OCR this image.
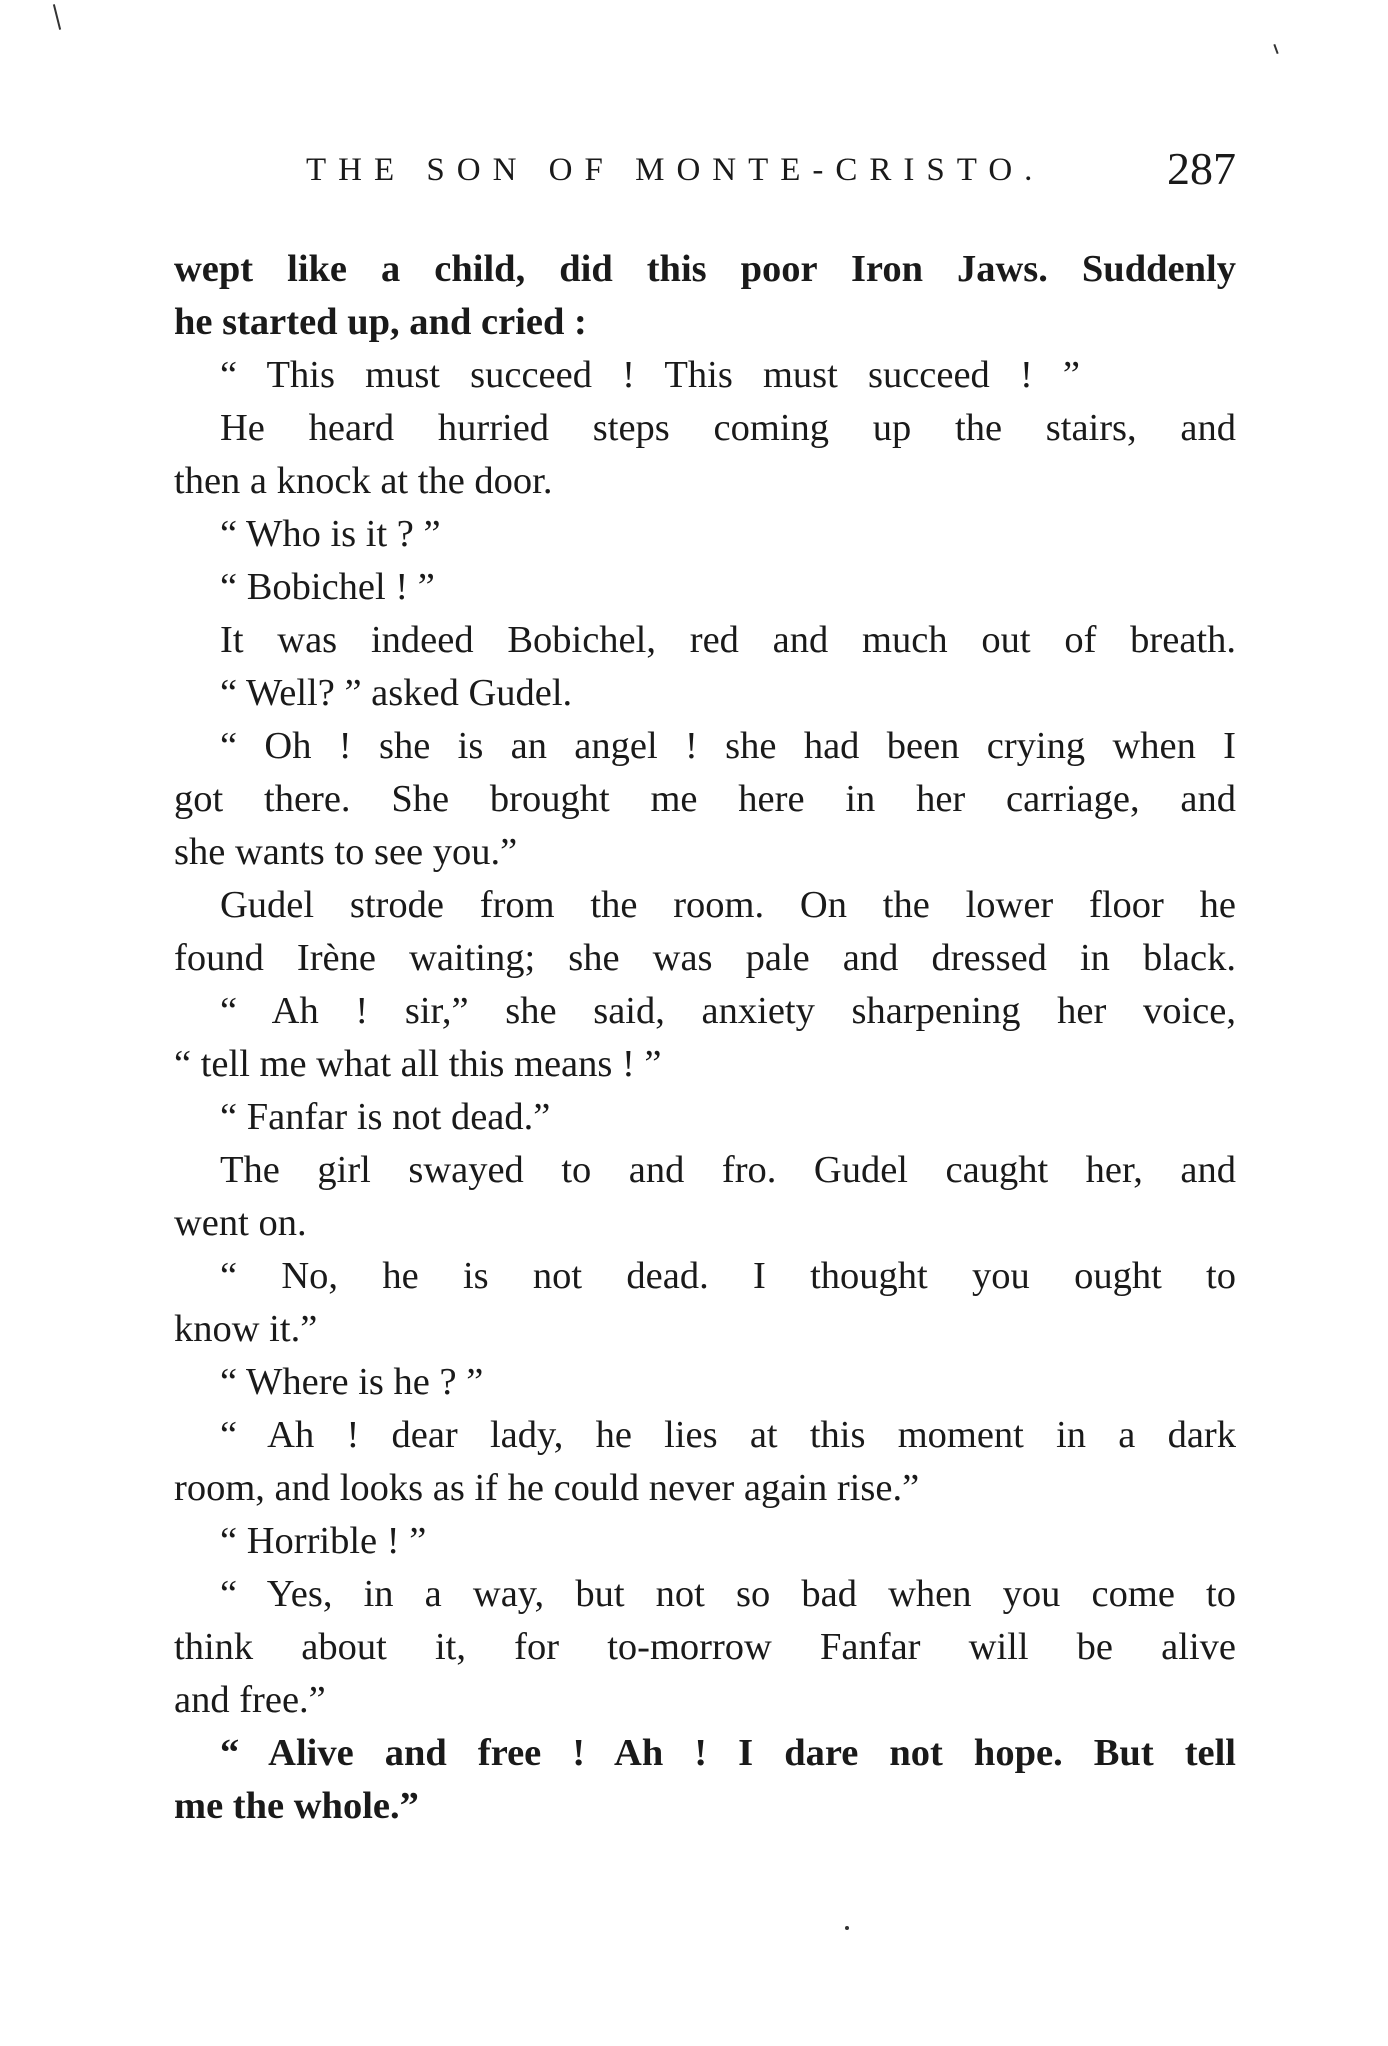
THE SON OF MONTE-CRISTO.	287
wept like a child, did this poor Iron Jaws. Suddenly
he started up, and cried :
“ This must succeed ! This must succeed ! ”
He heard hurried steps coming up the stairs, and
then a knock at the door.
“ Who is it ? ”
“ Bobichel ! ”
It was indeed Bobichel, red and much out of breath.
“ Well? ” asked Gudel.
“ Oh ! she is an angel ! she had been crying when I
got there. She brought me here in her carriage, and
she wants to see you.”
Gudel strode from the room. On the lower floor he
found Irène waiting; she was pale and dressed in black.
“ Ah ! sir,” she said, anxiety sharpening her voice,
“ tell me what all this means ! ”
“ Fanfar is not dead.”
The girl swayed to and fro. Gudel caught her, and
went on.
“ No, he is not dead. I thought you ought to
know it.”
“ Where is he ? ”
“ Ah ! dear lady, he lies at this moment in a dark
room, and looks as if he could never again rise.”
“ Horrible ! ”
“ Yes, in a way, but not so bad when you come to
think about it, for to-morrow Fanfar will be alive
and free.”
“ Alive and free ! Ah ! I dare not hope. But tell
me the whole.”
